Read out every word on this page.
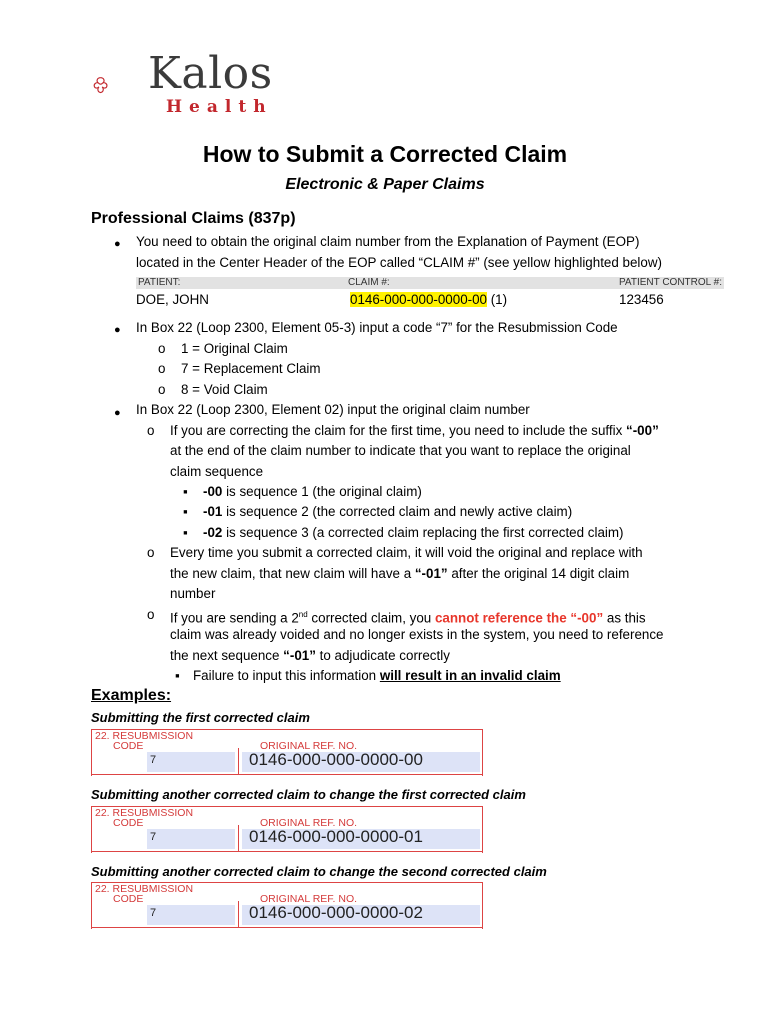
Kalos
Health
How to Submit a Corrected Claim
Electronic & Paper Claims
Professional Claims (837p)
● You need to obtain the original claim number from the Explanation of Payment (EOP)
located in the Center Header of the EOP called “CLAIM #” (see yellow highlighted below)
PATIENT:	CLAIM #:	PATIENT CONTROL #:
DOE, JOHN	0146-000-000-0000-00 (1)	123456
● In Box 22 (Loop 2300, Element 05-3) input a code “7” for the Resubmission Code
o 1 = Original Claim
o 7 = Replacement Claim
o 8 = Void Claim
● In Box 22 (Loop 2300, Element 02) input the original claim number
o If you are correcting the claim for the first time, you need to include the suffix “-00”
at the end of the claim number to indicate that you want to replace the original
claim sequence
▪ -00 is sequence 1 (the original claim)
▪ -01 is sequence 2 (the corrected claim and newly active claim)
▪ -02 is sequence 3 (a corrected claim replacing the first corrected claim)
o Every time you submit a corrected claim, it will void the original and replace with
the new claim, that new claim will have a “-01” after the original 14 digit claim
number
o If you are sending a 2nd corrected claim, you cannot reference the “-00” as this
claim was already voided and no longer exists in the system, you need to reference
the next sequence “-01” to adjudicate correctly
▪ Failure to input this information will result in an invalid claim
Examples:
Submitting the first corrected claim
22. RESUBMISSION
CODE	ORIGINAL REF. NO.
7	0146-000-000-0000-00
Submitting another corrected claim to change the first corrected claim
22. RESUBMISSION
CODE	ORIGINAL REF. NO.
7	0146-000-000-0000-01
Submitting another corrected claim to change the second corrected claim
22. RESUBMISSION
CODE	ORIGINAL REF. NO.
7	0146-000-000-0000-02
